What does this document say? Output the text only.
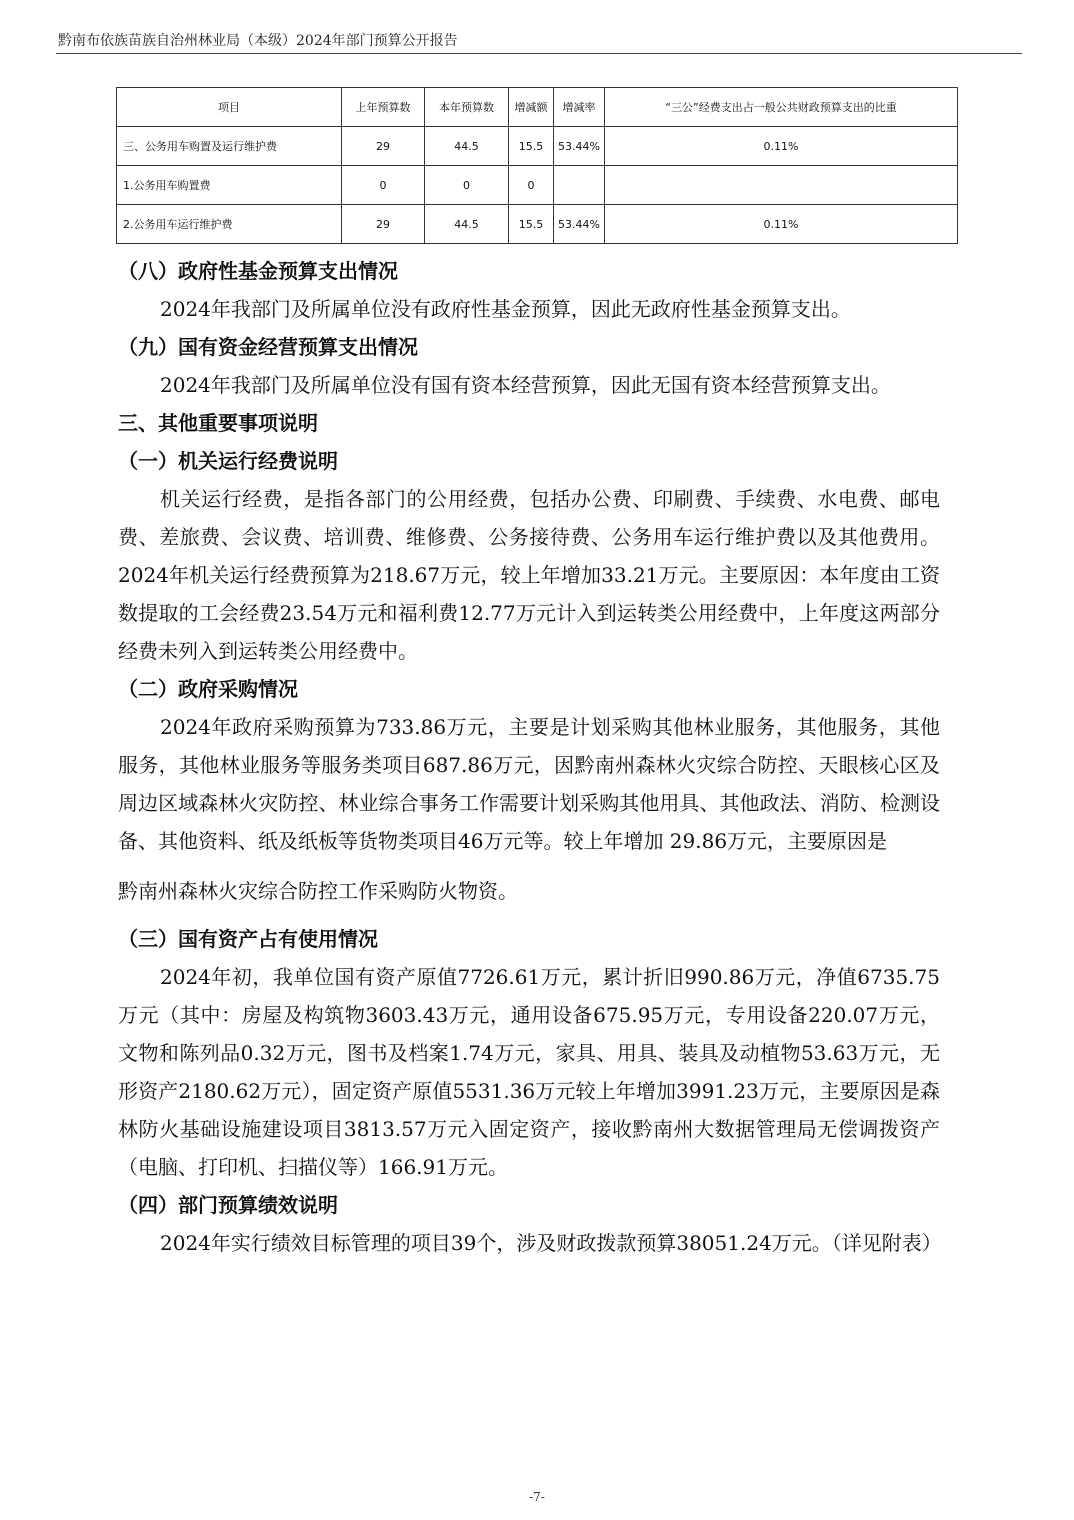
黔南布依族苗族自治州林业局（本级）2024年部门预算公开报告
项目	上年预算数	本年预算数	增减额	增减率	“三公”经费支出占一般公共财政预算支出的比重
三、公务用车购置及运行维护费	29	44.5	15.5	53.44%	0.11%
1.公务用车购置费	0	0	0		
2.公务用车运行维护费	29	44.5	15.5	53.44%	0.11%
（八）政府性基金预算支出情况

2024年我部门及所属单位没有政府性基金预算，因此无政府性基金预算支出。

（九）国有资金经营预算支出情况

2024年我部门及所属单位没有国有资本经营预算，因此无国有资本经营预算支出。

三、其他重要事项说明
（一）机关运行经费说明

机关运行经费，是指各部门的公用经费，包括办公费、印刷费、手续费、水电费、邮电费、差旅费、会议费、培训费、维修费、公务接待费、公务用车运行维护费以及其他费用。2024年机关运行经费预算为218.67万元，较上年增加33.21万元。主要原因：本年度由工资数提取的工会经费23.54万元和福利费12.77万元计入到运转类公用经费中，上年度这两部分经费未列入到运转类公用经费中。

（二）政府采购情况

2024年政府采购预算为733.86万元，主要是计划采购其他林业服务，其他服务，其他服务，其他林业服务等服务类项目687.86万元，因黔南州森林火灾综合防控、天眼核心区及周边区域森林火灾防控、林业综合事务工作需要计划采购其他用具、其他政法、消防、检测设备、其他资料、纸及纸板等货物类项目46万元等。较上年增加 29.86万元，主要原因是

黔南州森林火灾综合防控工作采购防火物资。

（三）国有资产占有使用情况

2024年初，我单位国有资产原值7726.61万元，累计折旧990.86万元，净值6735.75万元（其中：房屋及构筑物3603.43万元，通用设备675.95万元，专用设备220.07万元，文物和陈列品0.32万元，图书及档案1.74万元，家具、用具、装具及动植物53.63万元，无形资产2180.62万元），固定资产原值5531.36万元较上年增加3991.23万元，主要原因是森林防火基础设施建设项目3813.57万元入固定资产，接收黔南州大数据管理局无偿调拨资产（电脑、打印机、扫描仪等）166.91万元。

（四）部门预算绩效说明

2024年实行绩效目标管理的项目39个，涉及财政拨款预算38051.24万元。（详见附表）

-7-
